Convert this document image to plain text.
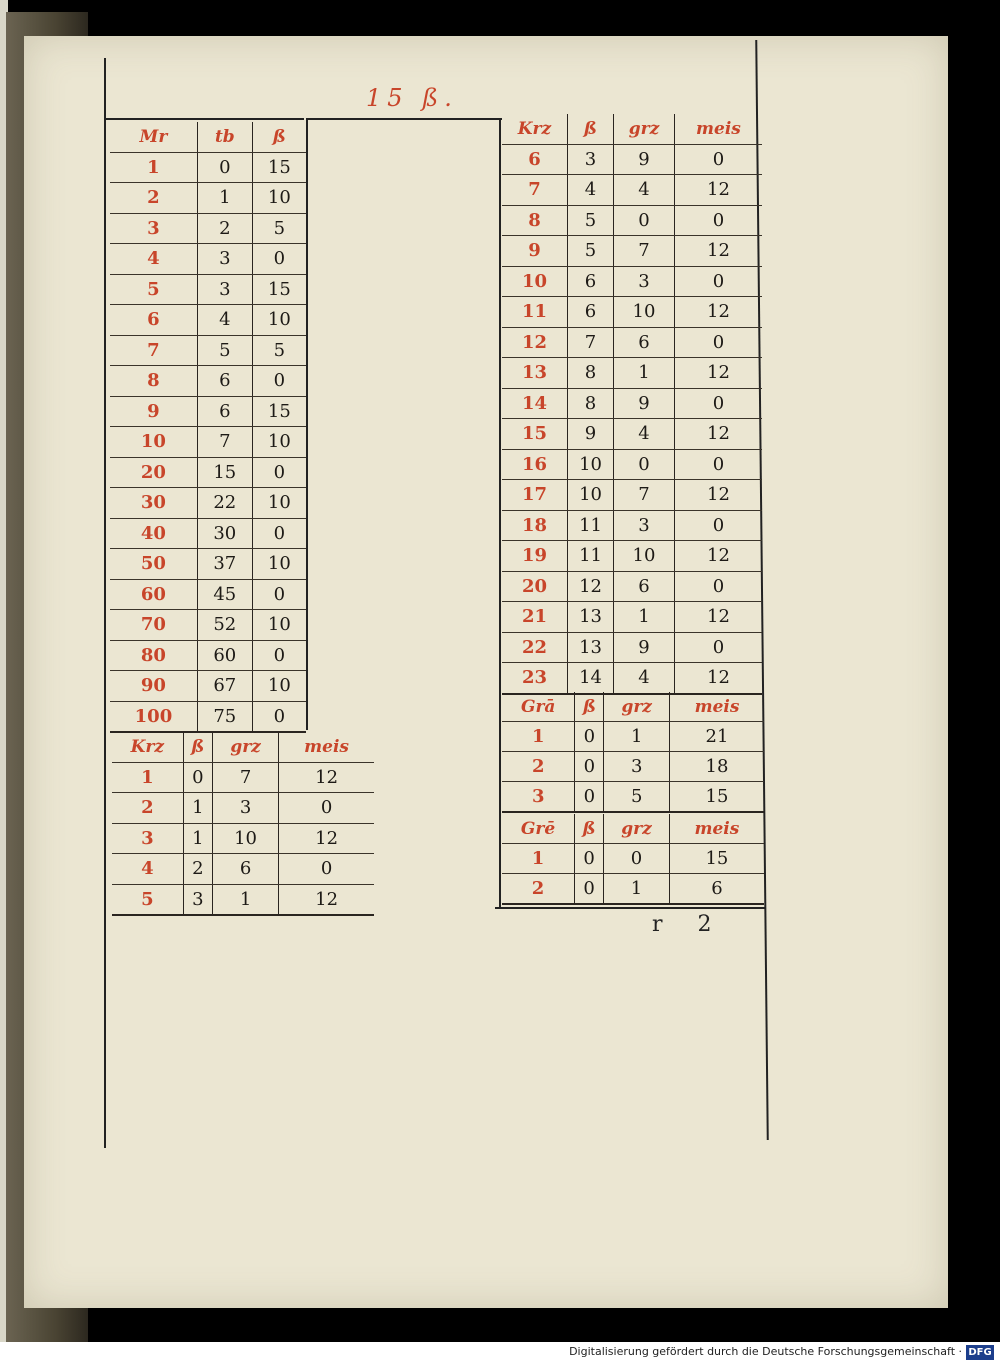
15 ß.
Mr	tb	ß
1	0	15
2	1	10
3	2	5
4	3	0
5	3	15
6	4	10
7	5	5
8	6	0
9	6	15
10	7	10
20	15	0
30	22	10
40	30	0
50	37	10
60	45	0
70	52	10
80	60	0
90	67	10
100	75	0
Krz	ß	grz	meis
1	0	7	12
2	1	3	0
3	1	10	12
4	2	6	0
5	3	1	12
Krz	ß	grz	meis
6	3	9	0
7	4	4	12
8	5	0	0
9	5	7	12
10	6	3	0
11	6	10	12
12	7	6	0
13	8	1	12
14	8	9	0
15	9	4	12
16	10	0	0
17	10	7	12
18	11	3	0
19	11	10	12
20	12	6	0
21	13	1	12
22	13	9	0
23	14	4	12
Grā	ß	grz	meis
1	0	1	21
2	0	3	18
3	0	5	15
Grē	ß	grz	meis
1	0	0	15
2	0	1	6
r 2
Digitalisierung gefördert durch die Deutsche Forschungsgemeinschaft · DFG
